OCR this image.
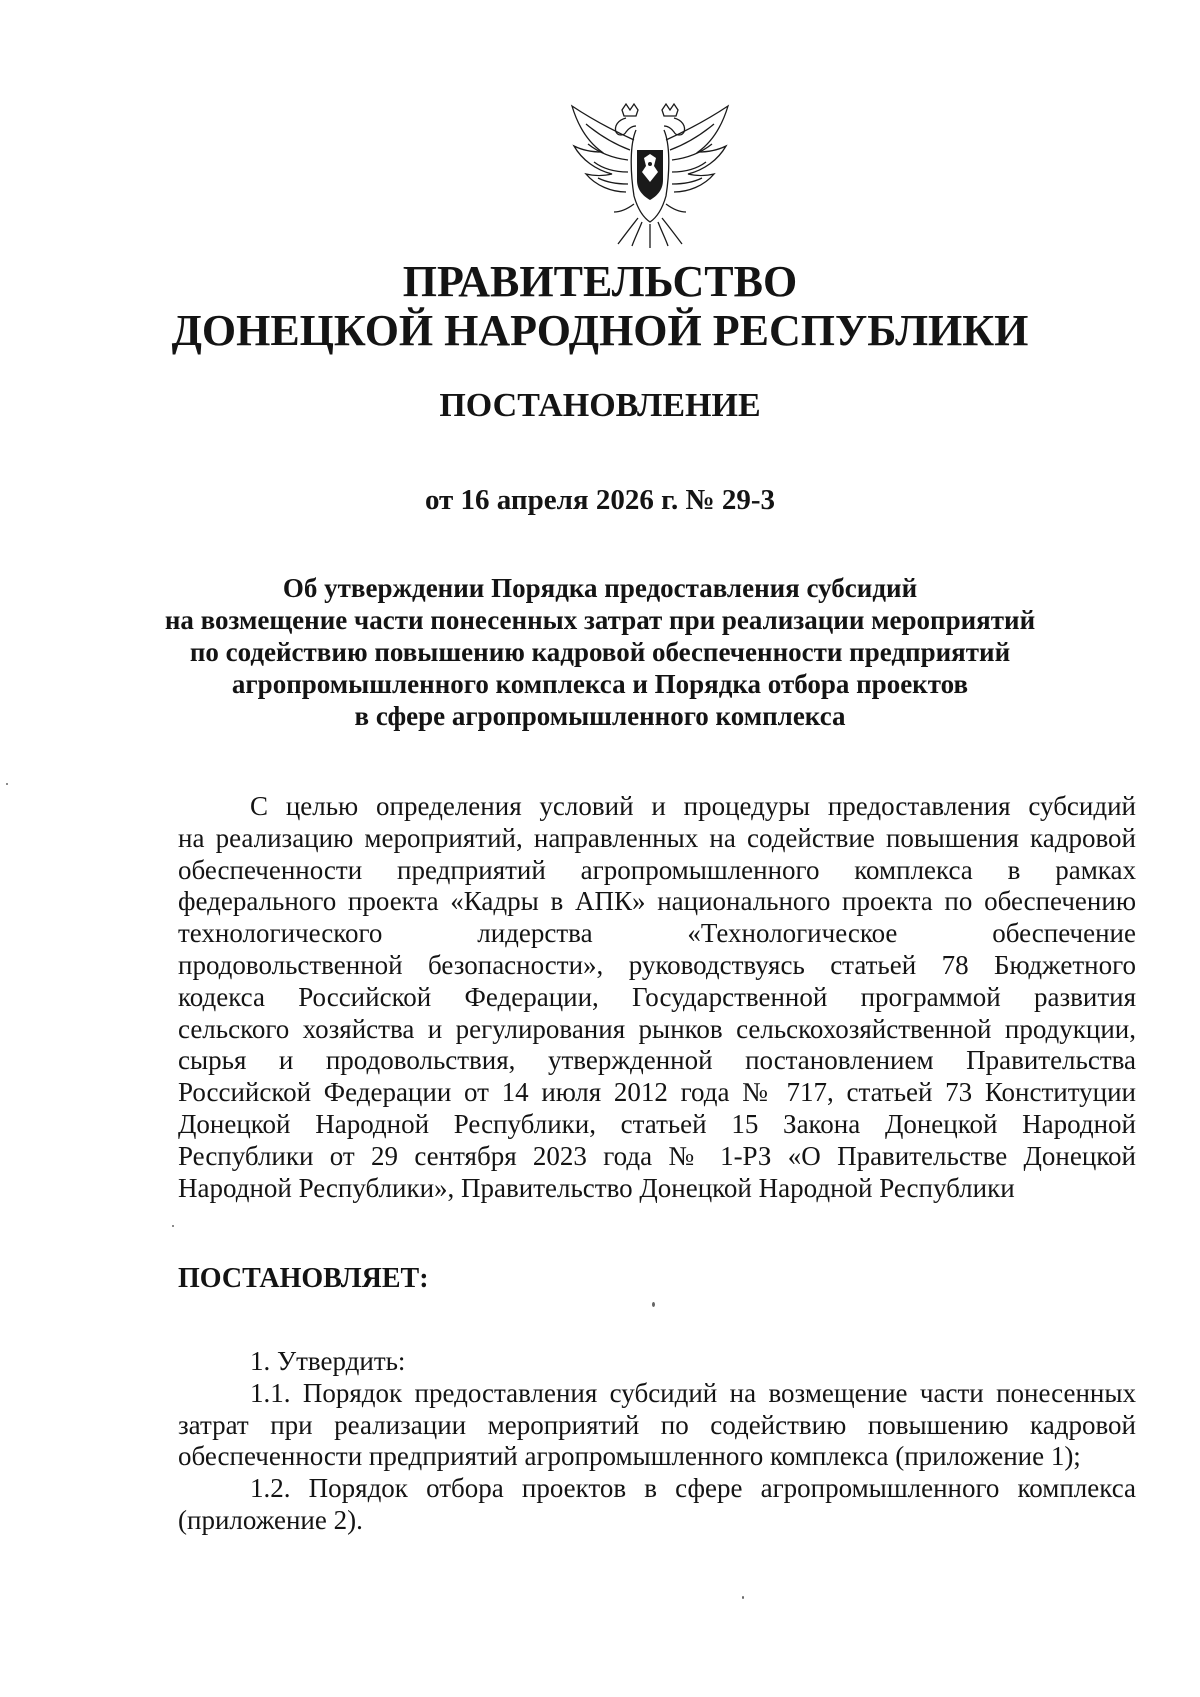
ПРАВИТЕЛЬСТВО
ДОНЕЦКОЙ НАРОДНОЙ РЕСПУБЛИКИ
ПОСТАНОВЛЕНИЕ
от 16 апреля 2026 г. № 29-3
Об утверждении Порядка предоставления субсидий
на возмещение части понесенных затрат при реализации мероприятий
по содействию повышению кадровой обеспеченности предприятий
агропромышленного комплекса и Порядка отбора проектов
в сфере агропромышленного комплекса
С целью определения условий и процедуры предоставления субсидий
на реализацию мероприятий, направленных на содействие повышения кадровой
обеспеченности предприятий агропромышленного комплекса в рамках
федерального проекта «Кадры в АПК» национального проекта по обеспечению
технологического лидерства «Технологическое обеспечение
продовольственной безопасности», руководствуясь статьей 78 Бюджетного
кодекса Российской Федерации, Государственной программой развития
сельского хозяйства и регулирования рынков сельскохозяйственной продукции,
сырья и продовольствия, утвержденной постановлением Правительства
Российской Федерации от 14 июля 2012 года № 717, статьей 73 Конституции
Донецкой Народной Республики, статьей 15 Закона Донецкой Народной
Республики от 29 сентября 2023 года № 1-РЗ «О Правительстве Донецкой
Народной Республики», Правительство Донецкой Народной Республики
ПОСТАНОВЛЯЕТ:
1. Утвердить:
1.1. Порядок предоставления субсидий на возмещение части понесенных
затрат при реализации мероприятий по содействию повышению кадровой
обеспеченности предприятий агропромышленного комплекса (приложение 1);
1.2. Порядок отбора проектов в сфере агропромышленного комплекса
(приложение 2).
